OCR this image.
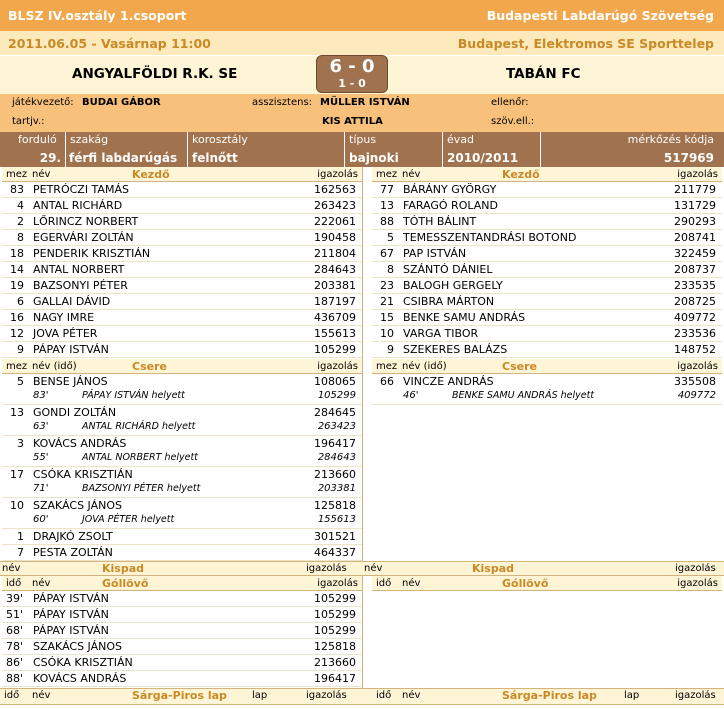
BLSZ IV.osztály 1.csoport	Budapesti Labdarúgó Szövetség
2011.06.05 - Vasárnap 11:00	Budapest, Elektromos SE Sporttelep
ANGYALFÖLDI R.K. SE	TABÁN FC
6 - 0
1 - 0
játékvezető: BUDAI GÁBOR	asszisztens: MÜLLER ISTVÁN	ellenőr:
tartjv.:	KIS ATTILA	szöv.ell.:
forduló
29.
szakág
férfi labdarúgás
korosztály
felnőtt
típus
bajnoki
évad
2010/2011
mérkőzés kódja
517969
mez név	Kezdő	igazolás
83 PETRÓCZI TAMÁS	162563
4 ANTAL RICHÁRD	263423
2 LŐRINCZ NORBERT	222061
8 EGERVÁRI ZOLTÁN	190458
18 PENDERIK KRISZTIÁN	211804
14 ANTAL NORBERT	284643
19 BAZSONYI PÉTER	203381
6 GALLAI DÁVID	187197
16 NAGY IMRE	436709
12 JOVA PÉTER	155613
9 PÁPAY ISTVÁN	105299
mez név	Kezdő	igazolás
77 BÁRÁNY GYÖRGY	211779
13 FARAGÓ ROLAND	131729
88 TÓTH BÁLINT	290293
5 TEMESSZENTANDRÁSI BOTOND	208741
67 PAP ISTVÁN	322459
8 SZÁNTÓ DÁNIEL	208737
23 BALOGH GERGELY	233535
21 CSIBRA MÁRTON	208725
15 BENKE SAMU ANDRÁS	409772
10 VARGA TIBOR	233536
9 SZEKERES BALÁZS	148752
mez név (idő)	Csere	igazolás
5 BENSE JÁNOS	108065
83'	PÁPAY ISTVÁN helyett	105299
13 GONDI ZOLTÁN	284645
63'	ANTAL RICHÁRD helyett	263423
3 KOVÁCS ANDRÁS	196417
55'	ANTAL NORBERT helyett	284643
17 CSÓKA KRISZTIÁN	213660
71'	BAZSONYI PÉTER helyett	203381
10 SZAKÁCS JÁNOS	125818
60'	JOVA PÉTER helyett	155613
1 DRAJKÓ ZSOLT	301521
7 PESTA ZOLTÁN	464337
mez név (idő)	Csere	igazolás
66 VINCZE ANDRÁS	335508
46'	BENKE SAMU ANDRÁS helyett	409772
név	Kispad	igazolás név	Kispad	igazolás
idő név	Góllövő	igazolás
39' PÁPAY ISTVÁN	105299
51' PÁPAY ISTVÁN	105299
68' PÁPAY ISTVÁN	105299
78' SZAKÁCS JÁNOS	125818
86' CSÓKA KRISZTIÁN	213660
88' KOVÁCS ANDRÁS	196417
idő név	Góllövő	igazolás
idő név	Sárga-Piros lap	lap	igazolás	idő név	Sárga-Piros lap	lap	igazolás
